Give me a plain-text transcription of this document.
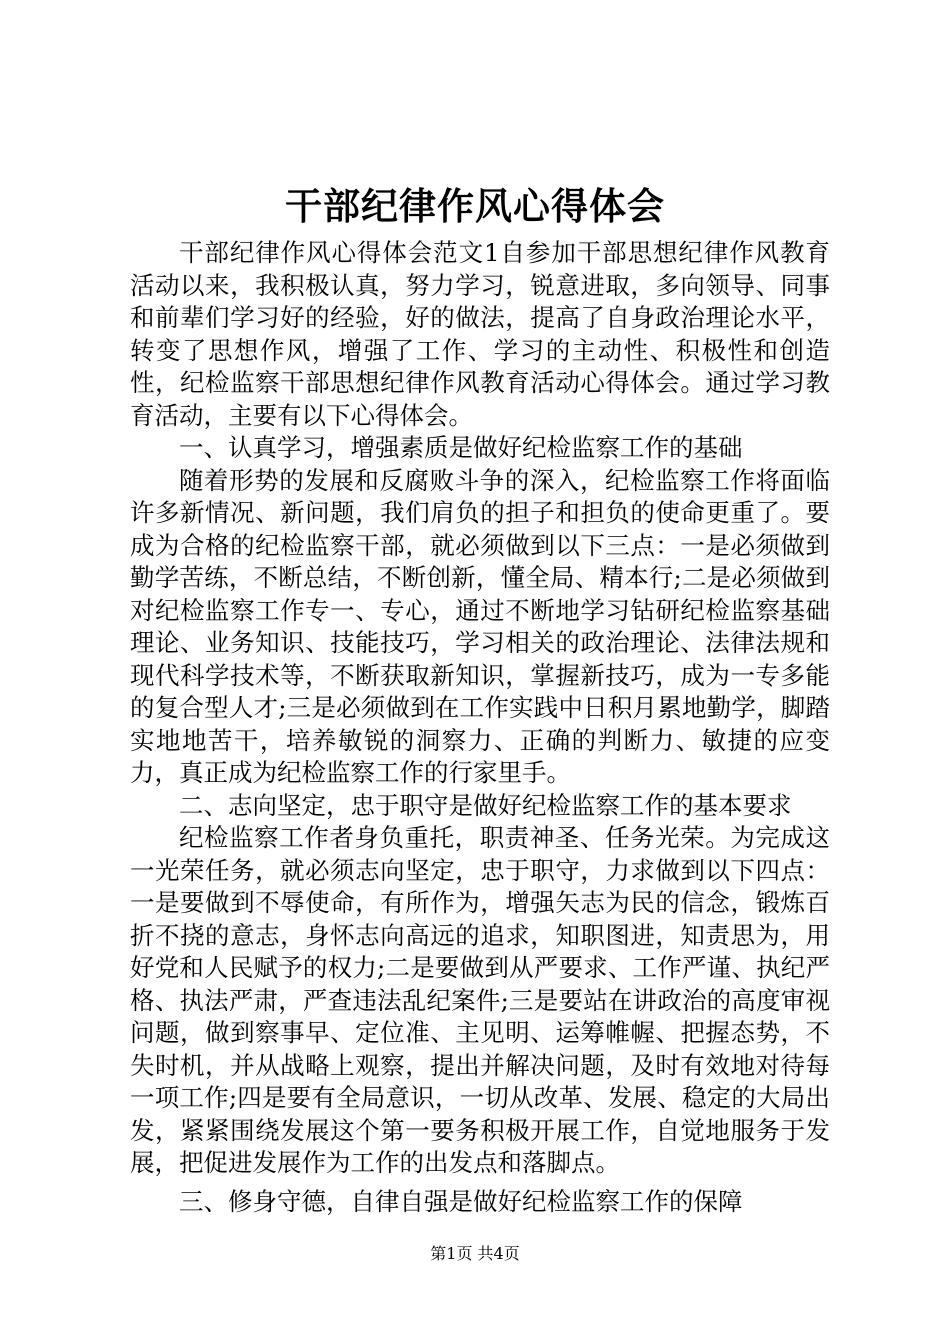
干部纪律作风心得体会

干部纪律作风心得体会范文1自参加干部思想纪律作风教育活动以来，我积极认真，努力学习，锐意进取，多向领导、同事和前辈们学习好的经验，好的做法，提高了自身政治理论水平，转变了思想作风，增强了工作、学习的主动性、积极性和创造性，纪检监察干部思想纪律作风教育活动心得体会。通过学习教育活动，主要有以下心得体会。

一、认真学习，增强素质是做好纪检监察工作的基础

随着形势的发展和反腐败斗争的深入，纪检监察工作将面临许多新情况、新问题，我们肩负的担子和担负的使命更重了。要成为合格的纪检监察干部，就必须做到以下三点：一是必须做到勤学苦练，不断总结，不断创新，懂全局、精本行;二是必须做到对纪检监察工作专一、专心，通过不断地学习钻研纪检监察基础理论、业务知识、技能技巧，学习相关的政治理论、法律法规和现代科学技术等，不断获取新知识，掌握新技巧，成为一专多能的复合型人才;三是必须做到在工作实践中日积月累地勤学，脚踏实地地苦干，培养敏锐的洞察力、正确的判断力、敏捷的应变力，真正成为纪检监察工作的行家里手。

二、志向坚定，忠于职守是做好纪检监察工作的基本要求

纪检监察工作者身负重托，职责神圣、任务光荣。为完成这一光荣任务，就必须志向坚定，忠于职守，力求做到以下四点：一是要做到不辱使命，有所作为，增强矢志为民的信念，锻炼百折不挠的意志，身怀志向高远的追求，知职图进，知责思为，用好党和人民赋予的权力;二是要做到从严要求、工作严谨、执纪严格、执法严肃，严查违法乱纪案件;三是要站在讲政治的高度审视问题，做到察事早、定位准、主见明、运筹帷幄、把握态势，不失时机，并从战略上观察，提出并解决问题，及时有效地对待每一项工作;四是要有全局意识，一切从改革、发展、稳定的大局出发，紧紧围绕发展这个第一要务积极开展工作，自觉地服务于发展，把促进发展作为工作的出发点和落脚点。

三、修身守德，自律自强是做好纪检监察工作的保障

第1页 共4页
